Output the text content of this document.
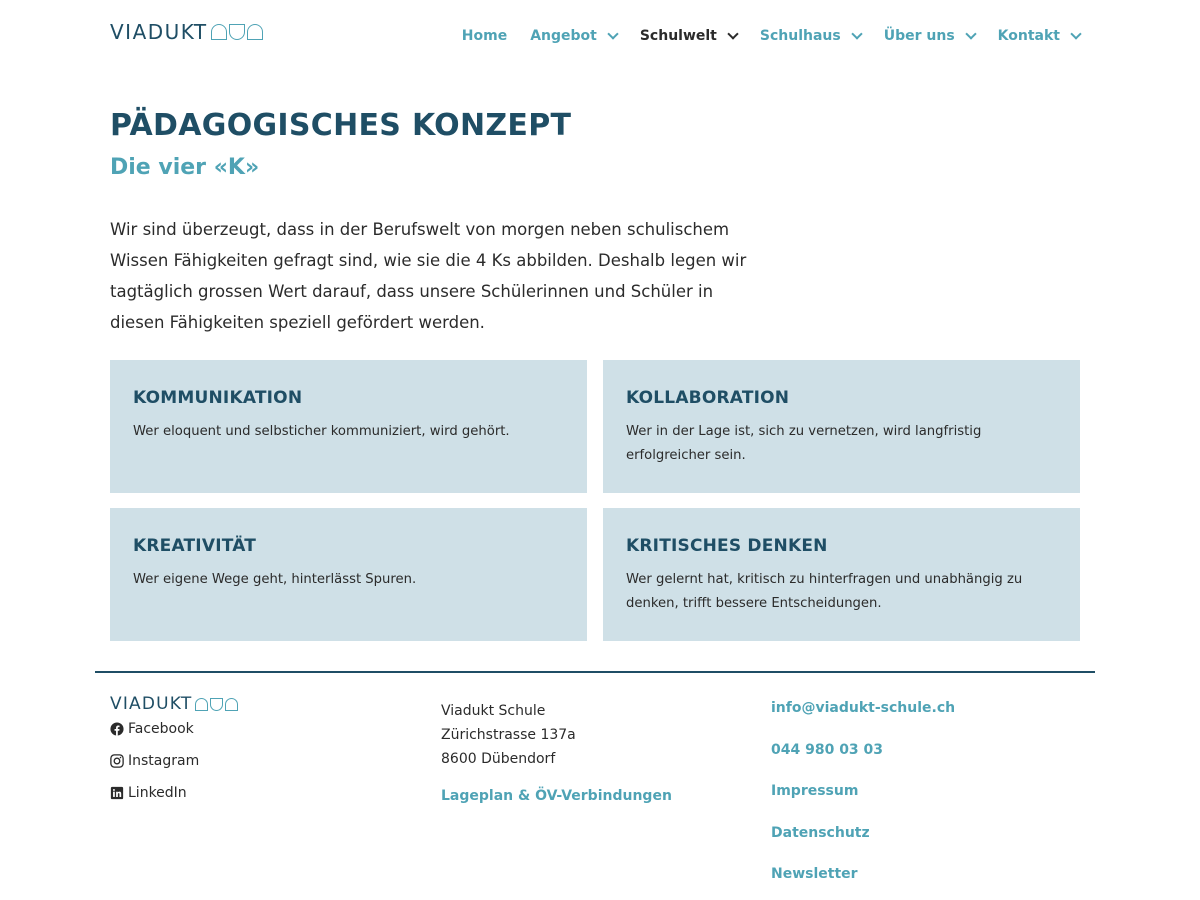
VIADUKT	Home Angebot	Schulwelt	Schulhaus	Über uns	Kontakt
PÄDAGOGISCHES KONZEPT
Die vier «K»

Wir sind überzeugt, dass in der Berufswelt von morgen neben schulischem Wissen Fähigkeiten gefragt sind, wie sie die 4 Ks abbilden. Deshalb legen wir tagtäglich grossen Wert darauf, dass unsere Schülerinnen und Schüler in diesen Fähigkeiten speziell gefördert werden.

KOMMUNIKATION
Wer eloquent und selbsticher kommuniziert, wird gehört.
KOLLABORATION
Wer in der Lage ist, sich zu vernetzen, wird langfristig erfolgreicher sein.
KREATIVITÄT
Wer eigene Wege geht, hinterlässt Spuren.
KRITISCHES DENKEN
Wer gelernt hat, kritisch zu hinterfragen und unabhängig zu denken, trifft bessere Entscheidungen.
VIADUKT
Facebook
Instagram
LinkedIn
Viadukt Schule
Zürichstrasse 137a
8600 Dübendorf
Lageplan & ÖV-Verbindungen
info@viadukt-schule.ch
044 980 03 03
Impressum
Datenschutz
Newsletter
